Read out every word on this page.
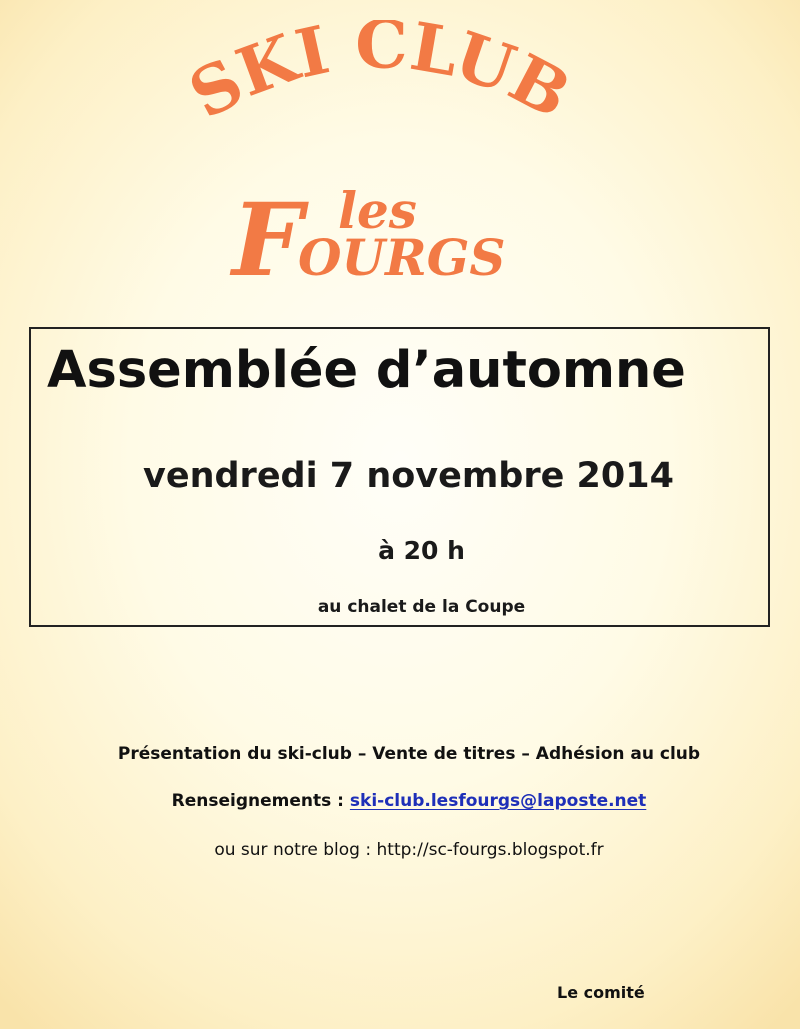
SKI CLUB
F les
OURGS
Assemblée d’automne
vendredi 7 novembre 2014
à 20 h
au chalet de la Coupe
Présentation du ski-club – Vente de titres – Adhésion au club
Renseignements : ski-club.lesfourgs@laposte.net
ou sur notre blog : http://sc-fourgs.blogspot.fr
Le comité
